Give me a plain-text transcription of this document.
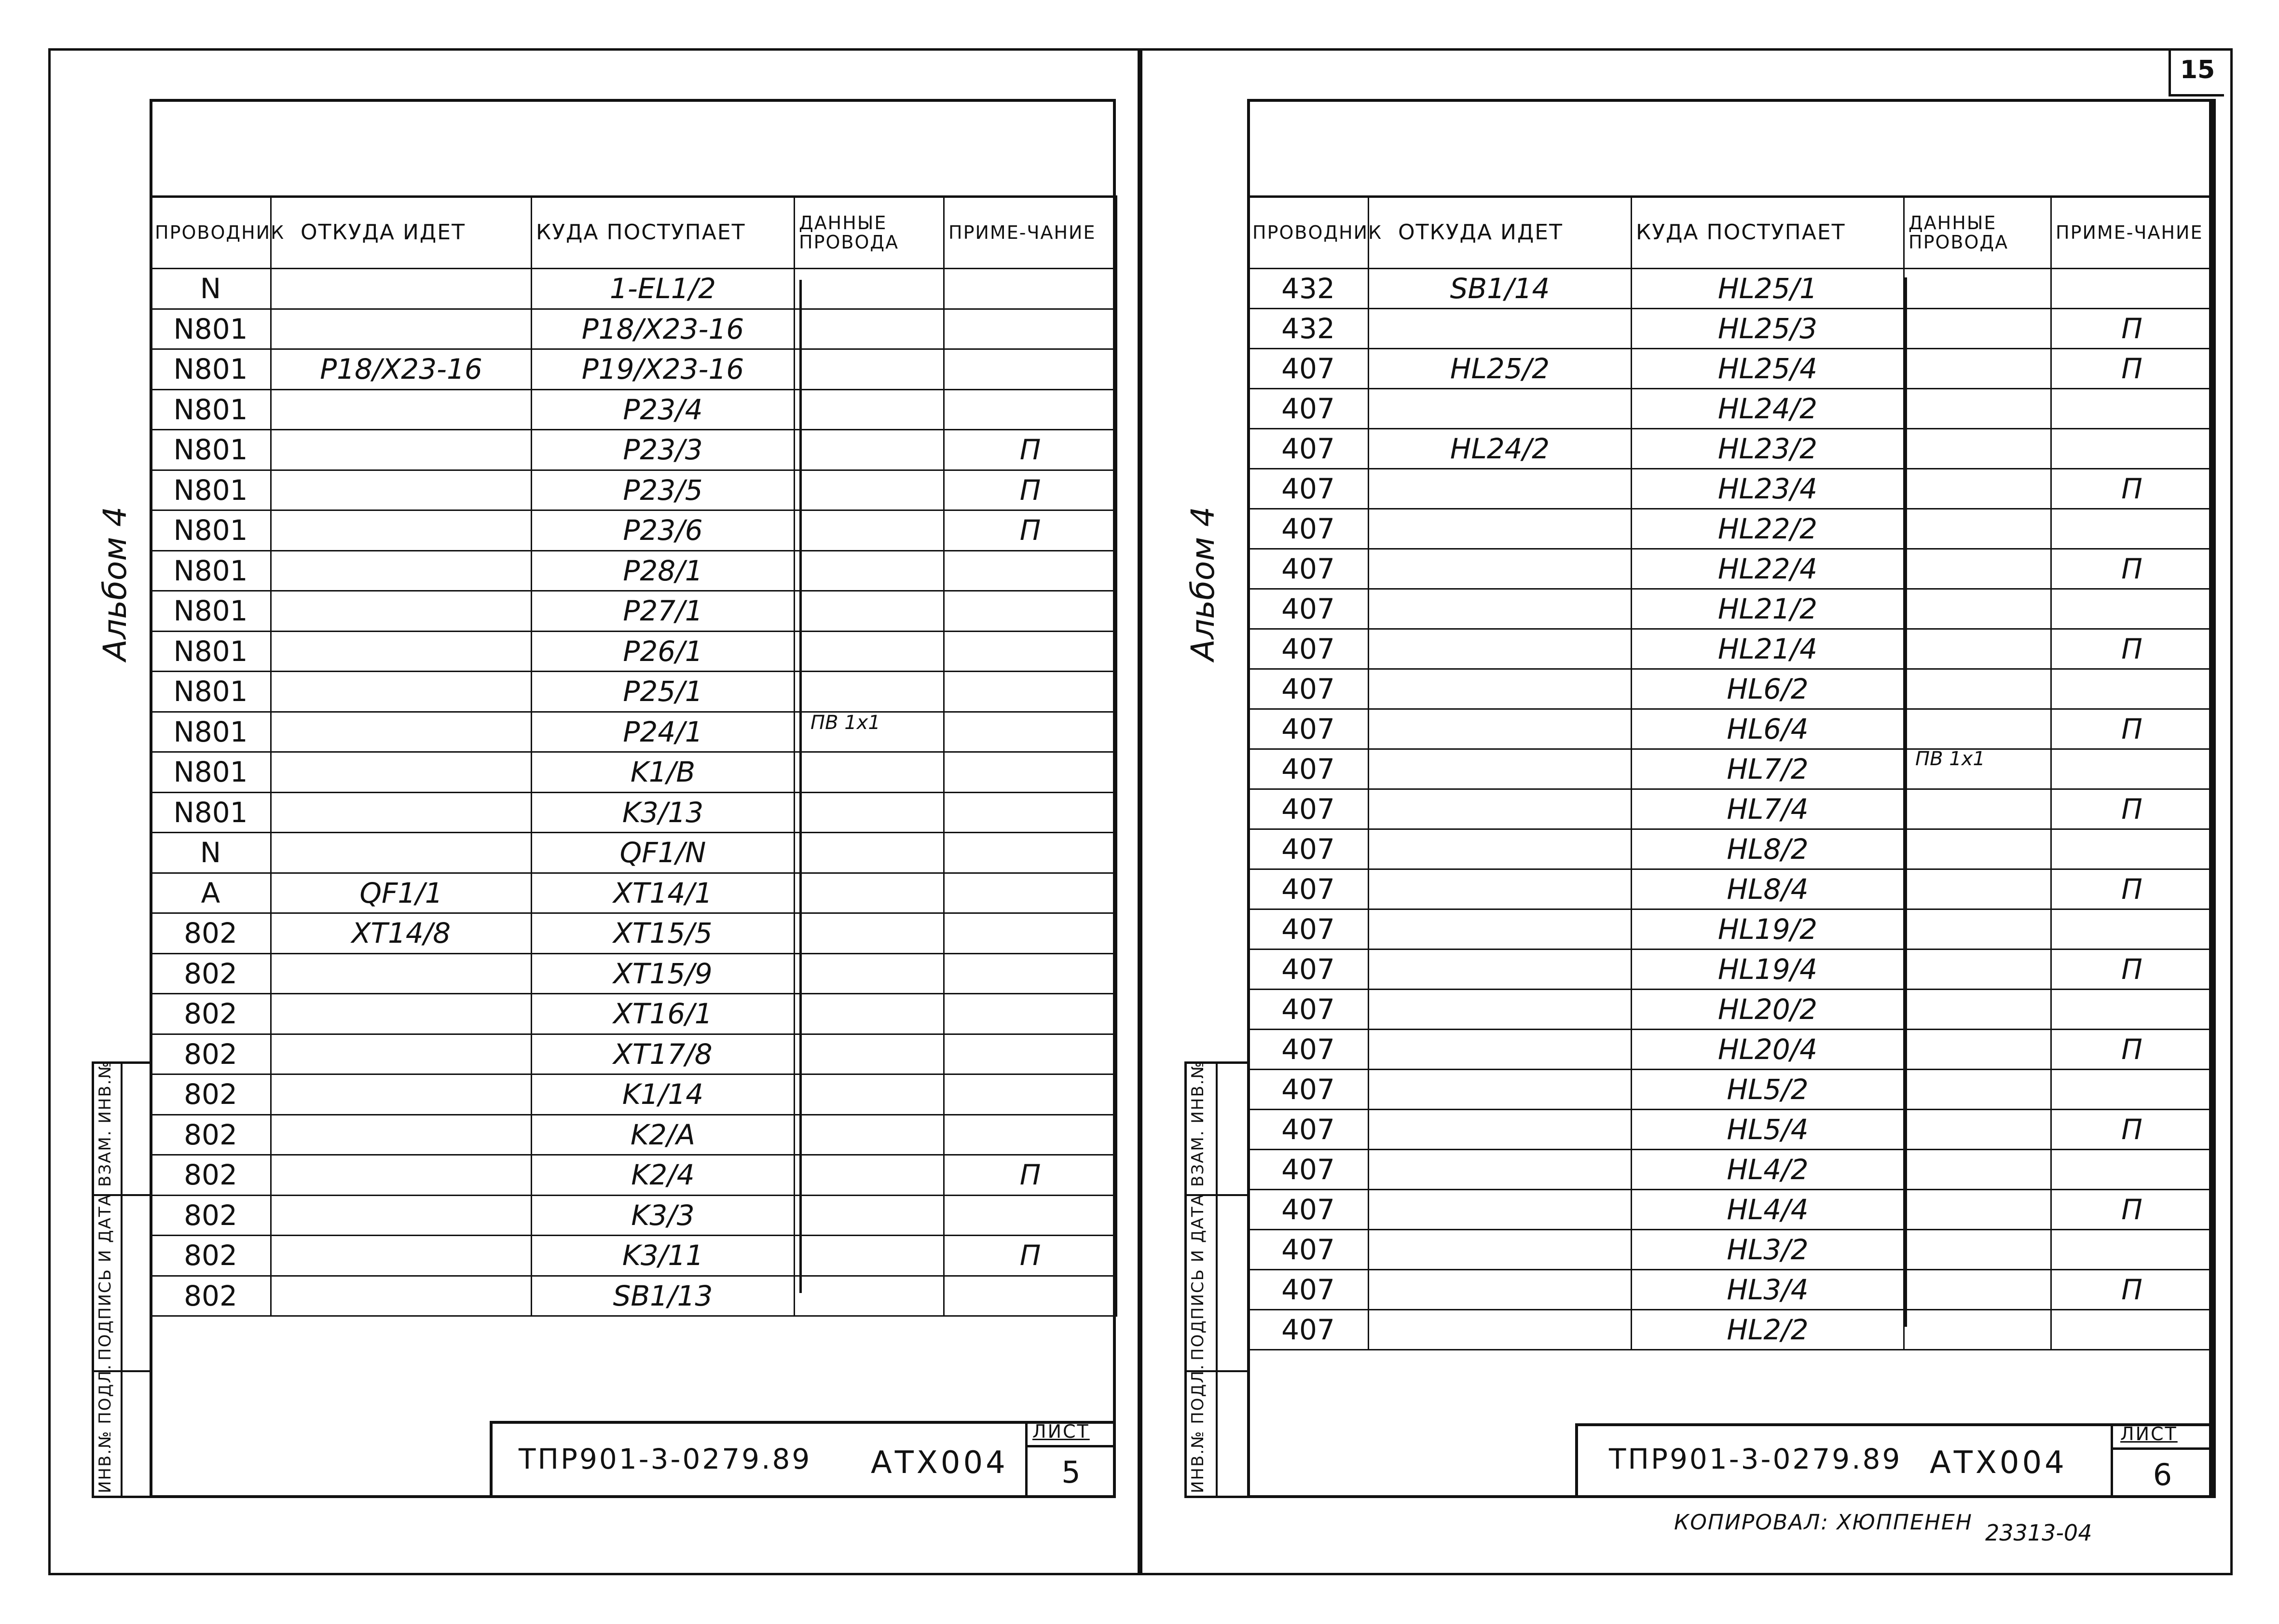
15
Альбом 4
ПРОВОДНИК	ОТКУДА ИДЕТ	КУДА ПОСТУПАЕТ	ДАННЫЕ ПРОВОДА	ПРИМЕ-ЧАНИЕ
N		1-EL1/2		
N801		P18/X23-16		
N801	P18/X23-16	P19/X23-16		
N801		P23/4		
N801		P23/3		П
N801		P23/5		П
N801		P23/6		П
N801		P28/1		
N801		P27/1		
N801		P26/1		
N801		P25/1		
N801		P24/1		
N801		K1/B		
N801		K3/13		
N		QF1/N		
A	QF1/1	XT14/1		
802	XT14/8	XT15/5		
802		XT15/9		
802		XT16/1		
802		XT17/8		
802		K1/14		
802		K2/A		
802		K2/4		П
802		K3/3		
802		K3/11		П
802		SB1/13		
ПВ 1х1
ВЗАМ. ИНВ.№
ПОДПИСЬ И ДАТА
ИНВ.№ ПОДЛ.	ТПР901-3-0279.89 АТХ004
ЛИСТ
5
Альбом 4
ПРОВОДНИК	ОТКУДА ИДЕТ	КУДА ПОСТУПАЕТ	ДАННЫЕ ПРОВОДА	ПРИМЕ-ЧАНИЕ
432	SB1/14	HL25/1		
432		HL25/3		П
407	HL25/2	HL25/4		П
407		HL24/2		
407	HL24/2	HL23/2		
407		HL23/4		П
407		HL22/2		
407		HL22/4		П
407		HL21/2		
407		HL21/4		П
407		HL6/2		
407		HL6/4		П
407		HL7/2		
407		HL7/4		П
407		HL8/2		
407		HL8/4		П
407		HL19/2		
407		HL19/4		П
407		HL20/2		
407		HL20/4		П
407		HL5/2		
407		HL5/4		П
407		HL4/2		
407		HL4/4		П
407		HL3/2		
407		HL3/4		П
407		HL2/2		
ПВ 1х1
ВЗАМ. ИНВ.№
ПОДПИСЬ И ДАТА
ИНВ.№ ПОДЛ.	ТПР901-3-0279.89 АТХ004
ЛИСТ
6
КОПИРОВАЛ: ХЮППЕНЕН 23313-04
